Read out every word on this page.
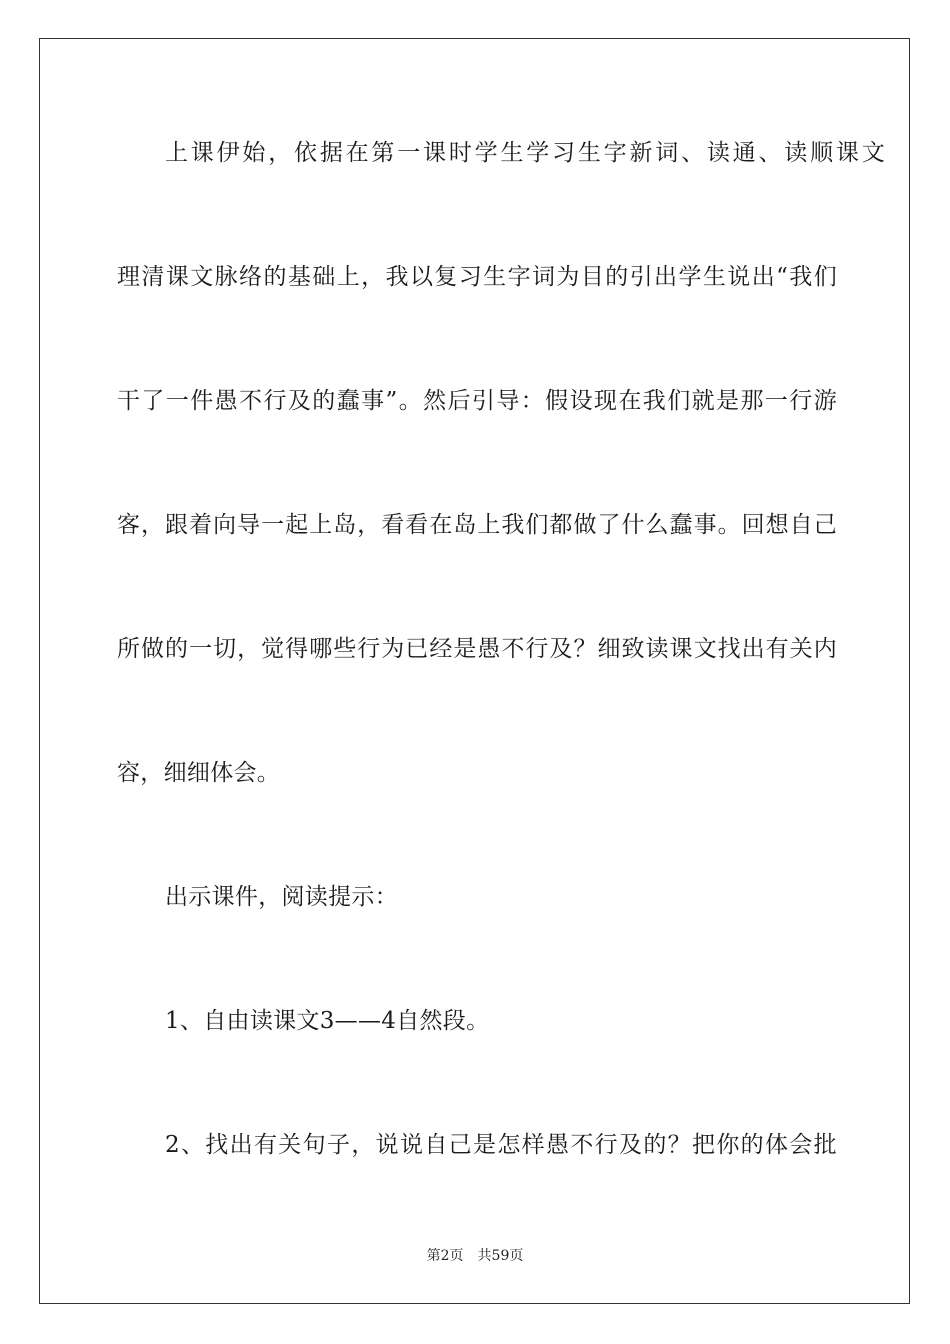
上课伊始，依据在第一课时学生学习生字新词、读通、读顺课文
理清课文脉络的基础上，我以复习生字词为目的引出学生说出“我们
干了一件愚不行及的蠢事”。然后引导：假设现在我们就是那一行游
客，跟着向导一起上岛，看看在岛上我们都做了什么蠢事。回想自己
所做的一切，觉得哪些行为已经是愚不行及？细致读课文找出有关内
容，细细体会。
出示课件，阅读提示：
1、自由读课文3——4自然段。
2、找出有关句子，说说自己是怎样愚不行及的？把你的体会批
第2页 共59页
